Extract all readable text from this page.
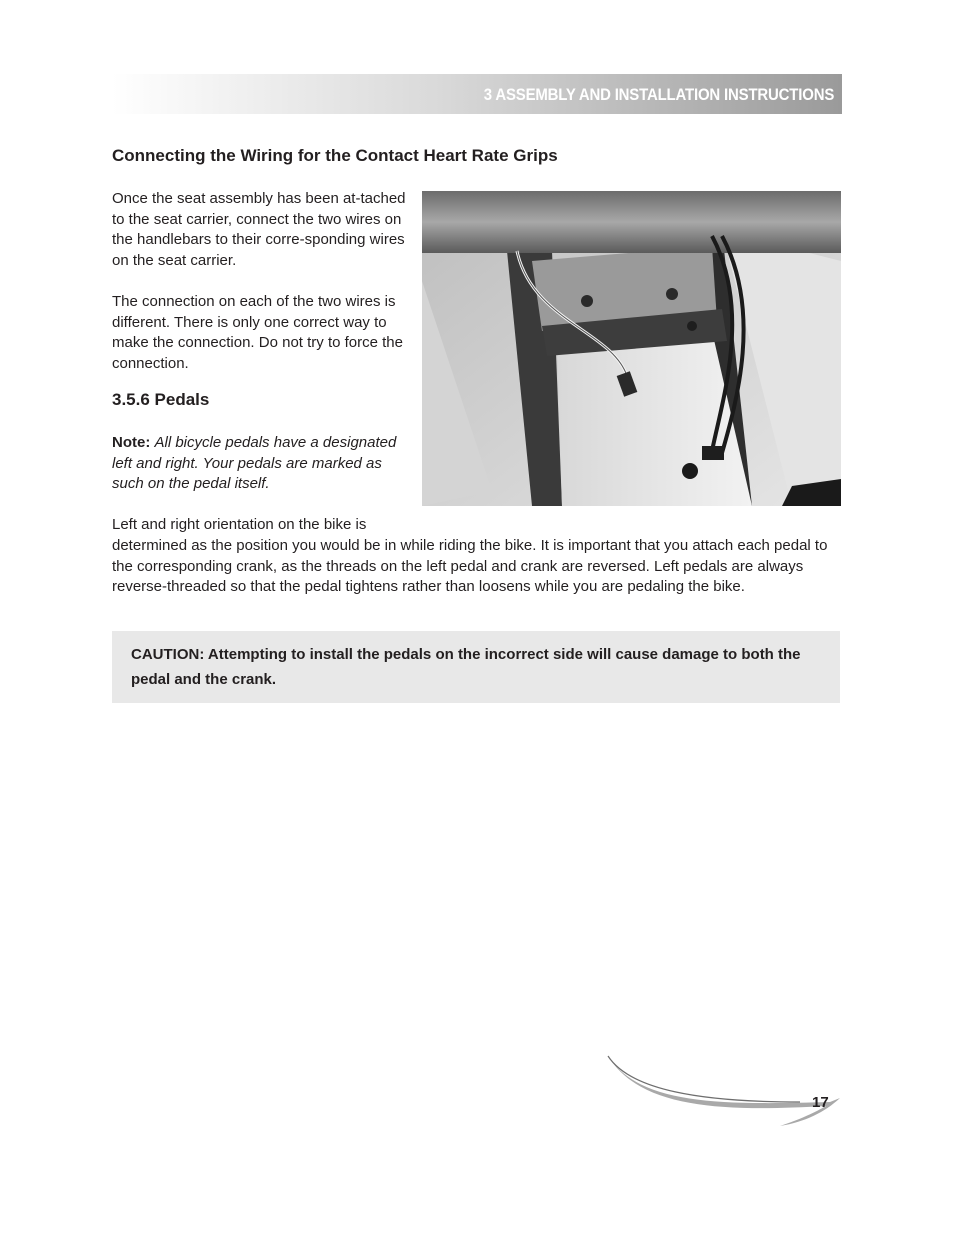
3 ASSEMBLY AND INSTALLATION INSTRUCTIONS
Connecting the Wiring for the Contact Heart Rate Grips

Once the seat assembly has been at-tached to the seat carrier, connect the two wires on the handlebars to their corre-sponding wires on the seat carrier.

The connection on each of the two wires is different. There is only one correct way to make the connection. Do not try to force the connection.

3.5.6 Pedals

Note: All bicycle pedals have a designated left and right. Your pedals are marked as such on the pedal itself.

Left and right orientation on the bike is

determined as the position you would be in while riding the bike. It is important that you attach each pedal to the corresponding crank, as the threads on the left pedal and crank are reversed. Left pedals are always reverse-threaded so that the pedal tightens rather than loosens while you are pedaling the bike.

CAUTION: Attempting to install the pedals on the incorrect side will cause damage to both the pedal and the crank.

17
